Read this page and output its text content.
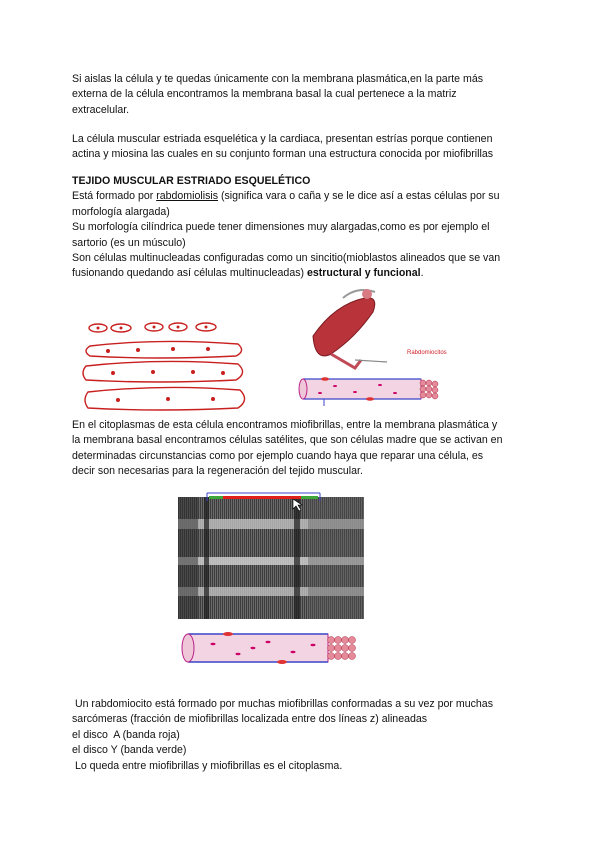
Si aislas la célula y te quedas únicamente con la membrana plasmática,en la parte más
externa de la célula encontramos la membrana basal la cual pertenece a la matriz
extracelular.
La célula muscular estriada esquelética y la cardiaca, presentan estrías porque contienen
actina y miosina las cuales en su conjunto forman una estructura conocida por miofibrillas
TEJIDO MUSCULAR ESTRIADO ESQUELÉTICO
Está formado por rabdomiolisis (significa vara o caña y se le dice así a estas células por su
morfología alargada)
Su morfología cilíndrica puede tener dimensiones muy alargadas,como es por ejemplo el
sartorio (es un músculo)
Son células multinucleadas configuradas como un sincitio(mioblastos alineados que se van
fusionando quedando así células multinucleadas) estructural y funcional.
Rabdomiocitos
En el citoplasmas de esta célula encontramos miofibrillas, entre la membrana plasmática y
la membrana basal encontramos células satélites, que son células madre que se activan en
determinadas circunstancias como por ejemplo cuando haya que reparar una célula, es
decir son necesarias para la regeneración del tejido muscular.
Un rabdomiocito está formado por muchas miofibrillas conformadas a su vez por muchas
sarcómeras (fracción de miofibrillas localizada entre dos líneas z) alineadas
el disco  A (banda roja)
el disco Y (banda verde)
Lo queda entre miofibrillas y miofibrillas es el citoplasma.
